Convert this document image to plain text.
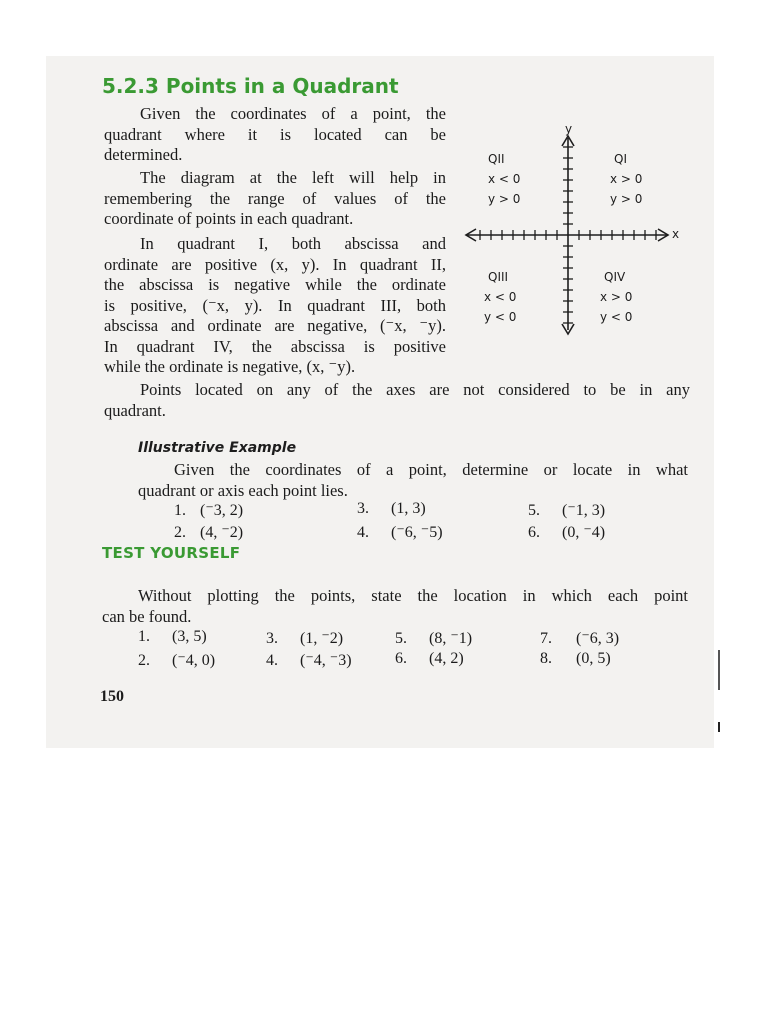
5.2.3 Points in a Quadrant
Given the coordinates of a point, the
quadrant where it is located can be
determined.
The diagram at the left will help in
remembering the range of values of the
coordinate of points in each quadrant.
In quadrant I, both abscissa and
ordinate are positive (x, y). In quadrant II,
the abscissa is negative while the ordinate
is positive, (⁻x, y). In quadrant III, both
abscissa and ordinate are negative, (⁻x, ⁻y).
In quadrant IV, the abscissa is positive
while the ordinate is negative, (x, ⁻y).
Points located on any of the axes are not considered to be in any
quadrant.
y
x
QII
x < 0
y > 0
QI
x > 0
y > 0
QIII
x < 0
y < 0
QIV
x > 0
y < 0
Illustrative Example
Given the coordinates of a point, determine or locate in what
quadrant or axis each point lies.
1. (⁻3, 2)
2. (4, ⁻2)
3. (1, 3)
4. (⁻6, ⁻5)
5. (⁻1, 3)
6. (0, ⁻4)
TEST YOURSELF
Without plotting the points, state the location in which each point
can be found.
1. (3, 5)
2. (⁻4, 0)
3. (1, ⁻2)
4. (⁻4, ⁻3)
5. (8, ⁻1)
6. (4, 2)
7. (⁻6, 3)
8. (0, 5)
150
